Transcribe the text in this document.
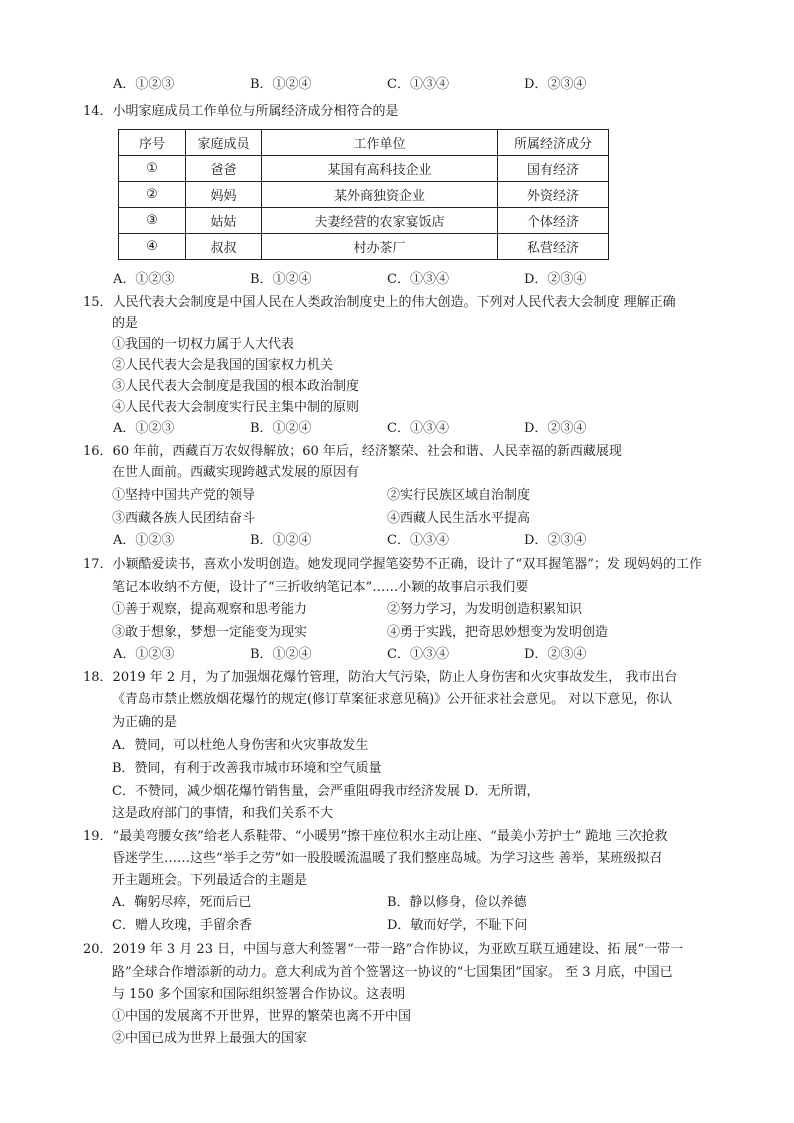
A．①②③	B．①②④	C．①③④	D．②③④
14．小明家庭成员工作单位与所属经济成分相符合的是
序号	家庭成员	工作单位	所属经济成分
①	爸爸	某国有高科技企业	国有经济
②	妈妈	某外商独资企业	外资经济
③	姑姑	夫妻经营的农家宴饭店	个体经济
④	叔叔	村办茶厂	私营经济
A．①②③	B．①②④	C．①③④	D．②③④
15．人民代表大会制度是中国人民在人类政治制度史上的伟大创造。下列对人民代表大会制度 理解正确
的是
①我国的一切权力属于人大代表
②人民代表大会是我国的国家权力机关
③人民代表大会制度是我国的根本政治制度
④人民代表大会制度实行民主集中制的原则
A．①②③	B．①②④	C．①③④	D．②③④
16．60 年前，西藏百万农奴得解放；60 年后，经济繁荣、社会和谐、人民幸福的新西藏展现
在世人面前。西藏实现跨越式发展的原因有
①坚持中国共产党的领导	②实行民族区域自治制度
③西藏各族人民团结奋斗	④西藏人民生活水平提高
A．①②③	B．①②④	C．①③④	D．②③④
17．小颖酷爱读书，喜欢小发明创造。她发现同学握笔姿势不正确，设计了“双耳握笔器”；发 现妈妈的工作
笔记本收纳不方便，设计了“三折收纳笔记本”……小颖的故事启示我们要
①善于观察，提高观察和思考能力	②努力学习，为发明创造积累知识
③敢于想象，梦想一定能变为现实	④勇于实践，把奇思妙想变为发明创造
A．①②③	B．①②④	C．①③④	D．②③④
18．2019 年 2 月，为了加强烟花爆竹管理，防治大气污染，防止人身伤害和火灾事故发生， 我市出台
《青岛市禁止燃放烟花爆竹的规定(修订草案征求意见稿)》公开征求社会意见。 对以下意见，你认
为正确的是
A．赞同，可以杜绝人身伤害和火灾事故发生
B．赞同，有利于改善我市城市环境和空气质量
C．不赞同，减少烟花爆竹销售量，会严重阻碍我市经济发展 D．无所谓，
这是政府部门的事情，和我们关系不大
19．“最美弯腰女孩”给老人系鞋带、“小暖男”擦干座位积水主动让座、“最美小芳护士” 跪地 三次抢救
昏迷学生……这些“举手之劳”如一股股暖流温暖了我们整座岛城。为学习这些 善举，某班级拟召
开主题班会。下列最适合的主题是
A．鞠躬尽瘁，死而后已	B．静以修身，俭以养德
C．赠人玫瑰，手留余香	D．敏而好学，不耻下问
20．2019 年 3 月 23 日，中国与意大利签署“一带一路”合作协议，为亚欧互联互通建设、拓 展“一带一
路”全球合作增添新的动力。意大利成为首个签署这一协议的“七国集团”国家。 至 3 月底，中国已
与 150 多个国家和国际组织签署合作协议。这表明
①中国的发展离不开世界，世界的繁荣也离不开中国
②中国已成为世界上最强大的国家
